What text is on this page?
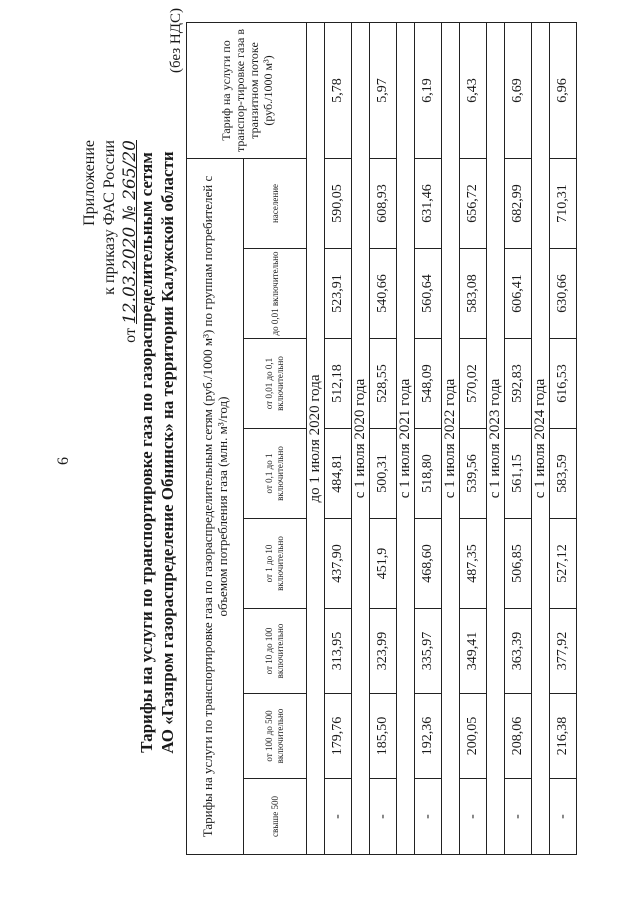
6
Приложение к приказу ФАС России
от 12.03.2020 № 265/20
Тарифы на услуги по транспортировке газа по газораспределительным сетям АО «Газпром газораспределение Обнинск» на территории Калужской области
(без НДС)
Тарифы на услуги по транспортировке газа по газораспределительным сетям (руб./1000 м³) по группам потребителей с объемом потребления газа (млн. м³/год)								Тариф на услуги по транспор-тировке газа в транзитном потоке (руб./1000 м³)
свыше 500	от 100 до 500 включительно	от 10 до 100 включительно	от 1 до 10 включительно	от 0,1 до 1 включительно	от 0,01 до 0,1 включительно	до 0,01 включительно	население	
до 1 июля 2020 года								
-	179,76	313,95	437,90	484,81	512,18	523,91	590,05	5,78
с 1 июля 2020 года								
-	185,50	323,99	451,9	500,31	528,55	540,66	608,93	5,97
с 1 июля 2021 года								
-	192,36	335,97	468,60	518,80	548,09	560,64	631,46	6,19
с 1 июля 2022 года								
-	200,05	349,41	487,35	539,56	570,02	583,08	656,72	6,43
с 1 июля 2023 года								
-	208,06	363,39	506,85	561,15	592,83	606,41	682,99	6,69
с 1 июля 2024 года								
-	216,38	377,92	527,12	583,59	616,53	630,66	710,31	6,96
